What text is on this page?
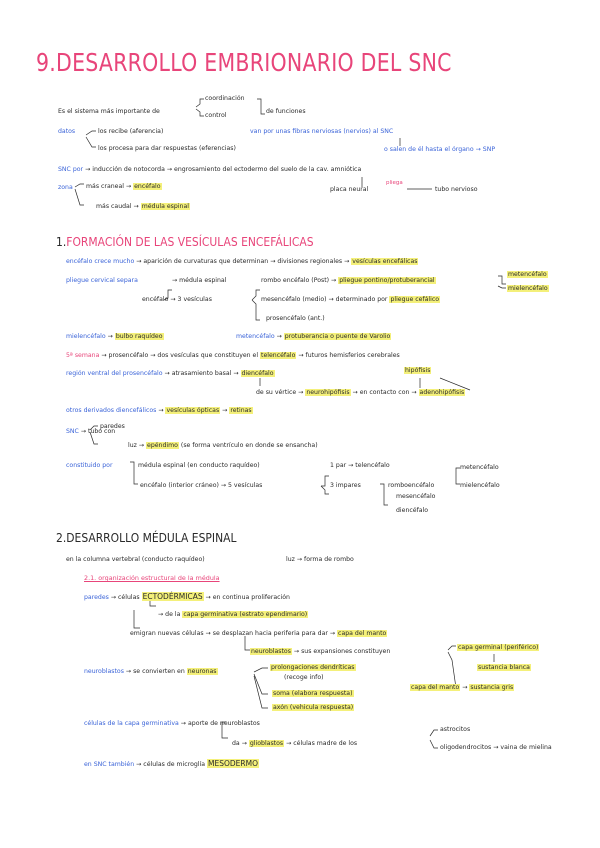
9.DESARROLLO EMBRIONARIO DEL SNC
Es el sistema más importante de
coordinación
control
de funciones
datos	los recibe (aferencia)
los procesa para dar respuestas (eferencias)
van por unas fibras nerviosas (nervios) al SNC
o salen de él hasta el órgano → SNP
SNC por → inducción de notocorda → engrosamiento del ectodermo del suelo de la cav. amniótica
zona más craneal → encéfalo
más caudal → médula espinal
placa neural
pliega
tubo nervioso
1.FORMACIÓN DE LAS VESÍCULAS ENCEFÁLICAS
encéfalo crece mucho → aparición de curvaturas que determinan → divisiones regionales → vesículas encefálicas
pliegue cervical separa	→ médula espinal	rombo encéfalo (Post) → pliegue pontino/protuberancial
metencéfalo
mielencéfalo
encéfalo → 3 vesículas	mesencéfalo (medio) → determinado por pliegue cefálico
prosencéfalo (ant.)
mielencéfalo → bulbo raquídeo	metencéfalo → protuberancia o puente de Varolio
5ª semana → prosencéfalo → dos vesículas que constituyen el telencéfalo → futuros hemisferios cerebrales
región ventral del prosencéfalo → atrasamiento basal → diencéfalo	hipófisis
de su vértice → neurohipófisis → en contacto con → adenohipófisis
otros derivados diencefálicos → vesículas ópticas → retinas
SNC → tubo con
paredes
luz → epéndimo (se forma ventrículo en donde se ensancha)
constituido por	médula espinal (en conducto raquídeo)
encéfalo (interior cráneo) → 5 vesículas
1 par → telencéfalo
3 impares	romboencéfalo
metencéfalo
mielencéfalo
mesencéfalo
diencéfalo
2.DESARROLLO MÉDULA ESPINAL
en la columna vertebral (conducto raquídeo)	luz → forma de rombo
2.1. organización estructural de la médula
paredes → células ECTODÉRMICAS → en continua proliferación
→ de la capa germinativa (estrato ependimario)
emigran nuevas células → se desplazan hacia periferia para dar → capa del manto
neuroblastos → sus expansiones constituyen
capa germinal (periférico)
sustancia blanca
capa del manto → sustancia gris
neuroblastos → se convierten en neuronas
prolongaciones dendríticas
(recoge info)
soma (elabora respuesta)
axón (vehicula respuesta)
células de la capa germinativa → aporte de neuroblastos
da → glioblastos → células madre de los
astrocitos
oligodendrocitos → vaina de mielina
en SNC también → células de microglía MESODERMO
